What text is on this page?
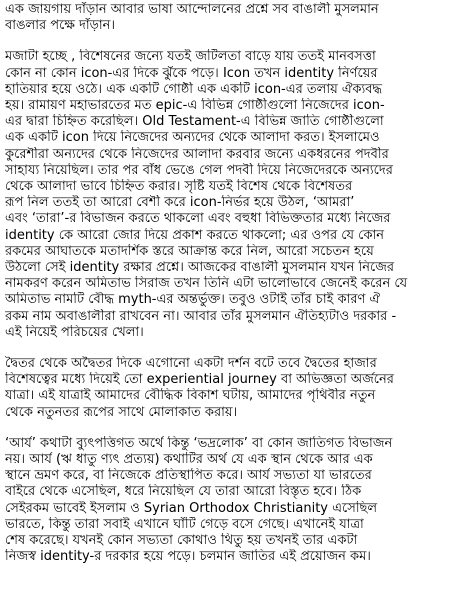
এক জায়গায় দাঁড়ান আবার ভাষা আন্দোলনের প্রশ্নে সব বাঙালী মুসলমান
বাঙলার পক্ষে দাঁড়ান।
মজাটা হচ্ছে , বিশেষনের জন্যে যতই জটিলতা বাড়ে যায় ততই মানবসত্তা
কোন না কোন icon-এর দিকে ঝুঁকে পড়ে। Icon তখন identity নির্ণয়ের
হাতিয়ার হয়ে ওঠে। এক একটি গোষ্ঠী এক একটি icon-এর তলায় ঐক্যবদ্ধ
হয়। রামায়ণ মহাভারতের মত epic-এ বিভিন্ন গোষ্ঠীগুলো নিজেদের icon-
এর দ্বারা চিহ্নিত করেছিল। Old Testament-এ বিভিন্ন জাতি গোষ্ঠীগুলো
এক একটি icon দিয়ে নিজেদের অন্যদের থেকে আলাদা করত। ইসলামেও
কুরেশীরা অন্যদের থেকে নিজেদের আলাদা করবার জন্যে একধরনের পদবীর
সাহায্য নিয়েছিল। তার পর বাঁধ ভেঙে গেল পদবী দিয়ে নিজেদেরকে অন্যদের
থেকে আলাদা ভাবে চিহ্নিত করার। সৃষ্টি যতই বিশেষ থেকে বিশেষতর
রূপ নিল ততই তা আরো বেশী করে icon-নির্ভর হয়ে উঠল, ‘আমরা’
এবং ‘তারা’-র বিভাজন করতে থাকলো এবং বহুধা বিভিক্ততার মধ্যে নিজের
identity কে আরো জোর দিয়ে প্রকাশ করতে থাকলো; এর ওপর যে কোন
রকমের আঘাতকে মতাদর্শিক স্তরে আক্রান্ত করে নিল, আরো সচেতন হয়ে
উঠলো সেই identity রক্ষার প্রশ্নে। আজকের বাঙালী মুসলমান যখন নিজের
নামকরণ করেন অমিতাভ সিরাজ তখন তিনি এটা ভালোভাবে জেনেই করেন যে
অমিতাভ নামটি বৌদ্ধ myth-এর অন্তর্ভুক্ত। তবুও ওটাই তাঁর চাই কারণ ঐ
রকম নাম অবাঙালীরা রাখবেন না। আবার তাঁর মুসলমান ঐতিহ্যটাও দরকার -
এই নিয়েই পরিচয়ের খেলা।
দ্বৈতর থেকে অদ্বৈতর দিকে এগোনো একটা দর্শন বটে তবে দ্বৈতের হাজার
বিশেষত্বের মধ্যে দিয়েই তো experiential journey বা অভিজ্ঞতা অর্জনের
যাত্রা। এই যাত্রাই আমাদের বৌদ্ধিক বিকাশ ঘটায়, আমাদের পৃথিবীর নতুন
থেকে নতুনতর রূপের সাথে মোলাকাত করায়।
‘আর্য’ কথাটা ব্যুৎপত্তিগত অর্থে কিন্তু ‘ভদ্রলোক’ বা কোন জাতিগত বিভাজন
নয়। আর্য (ঋ ধাতু ণ্যৎ প্রত্যয়) কথাটির অর্থ যে এক স্থান থেকে আর এক
স্থানে ভ্রমণ করে, বা নিজেকে প্রতিস্থাপিত করে। আর্য সভ্যতা যা ভারতের
বাইরে থেকে এসেছিল, ধরে নিয়েছিল যে তারা আরো বিস্তৃত হবে। ঠিক
সেইরকম ভাবেই ইসলাম ও Syrian Orthodox Christianity এসেছিল
ভারতে, কিন্তু তারা সবাই এখানে ঘাঁটি গেড়ে বসে গেছে। এখানেই যাত্রা
শেষ করেছে। যখনই কোন সভ্যতা কোথাও থিতু হয় তখনই তার একটা
নিজস্ব identity-র দরকার হয়ে পড়ে। চলমান জাতির এই প্রয়োজন কম।
